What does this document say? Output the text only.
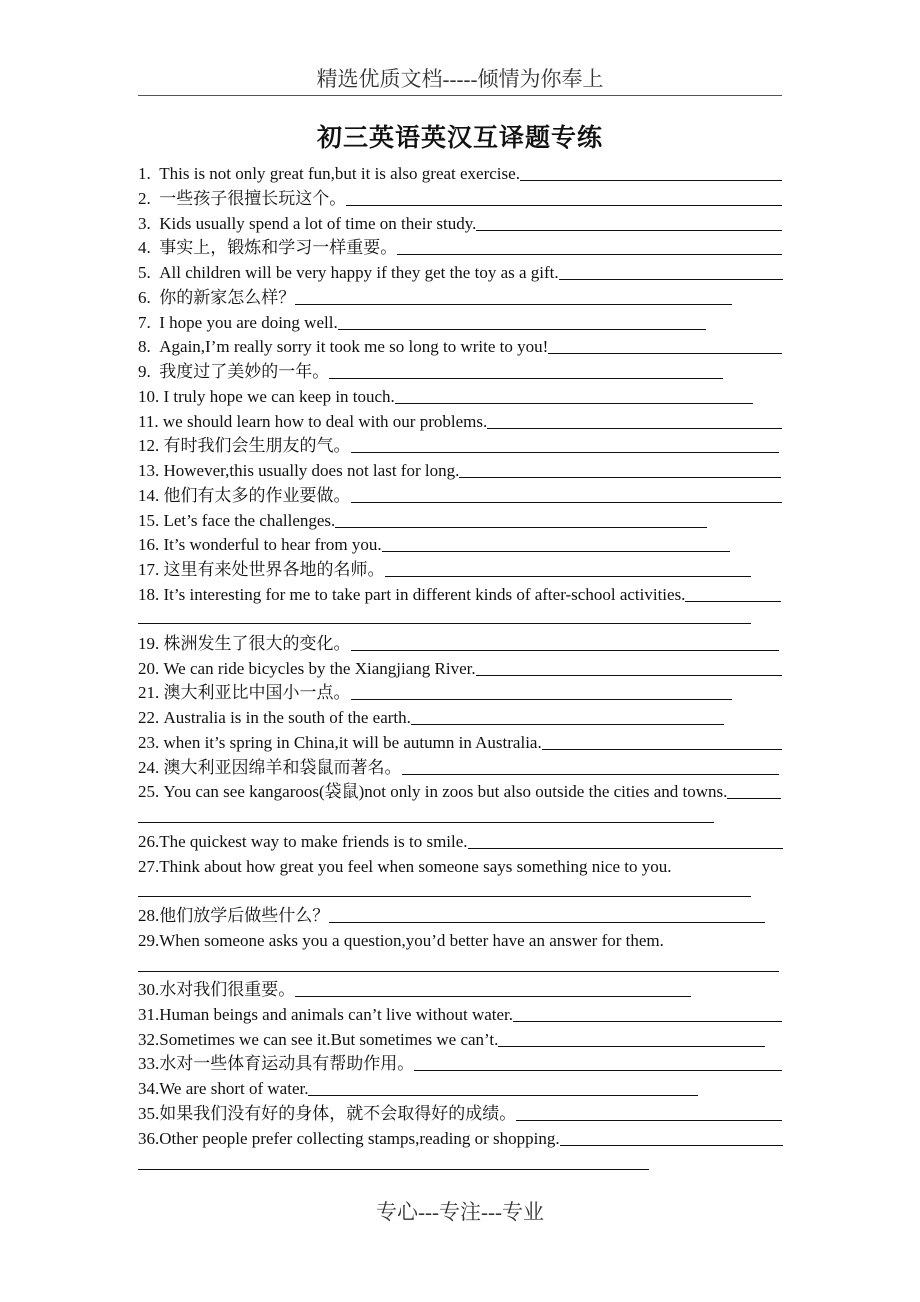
精选优质文档-----倾情为你奉上
初三英语英汉互译题专练
1. This is not only great fun,but it is also great exercise.
2. 一些孩子很擅长玩这个。
3. Kids usually spend a lot of time on their study.
4. 事实上，锻炼和学习一样重要。
5. All children will be very happy if they get the toy as a gift.
6. 你的新家怎么样？
7. I hope you are doing well.
8. Again,I’m really sorry it took me so long to write to you!
9. 我度过了美妙的一年。
10. I truly hope we can keep in touch.
11. we should learn how to deal with our problems.
12. 有时我们会生朋友的气。
13. However,this usually does not last for long.
14. 他们有太多的作业要做。
15. Let’s face the challenges.
16. It’s wonderful to hear from you.
17. 这里有来处世界各地的名师。
18. It’s interesting for me to take part in different kinds of after-school activities.
19. 株洲发生了很大的变化。
20. We can ride bicycles by the Xiangjiang River.
21. 澳大利亚比中国小一点。
22. Australia is in the south of the earth.
23. when it’s spring in China,it will be autumn in Australia.
24. 澳大利亚因绵羊和袋鼠而著名。
25. You can see kangaroos(袋鼠)not only in zoos but also outside the cities and towns.
26. The quickest way to make friends is to smile.
27. Think about how great you feel when someone says something nice to you.
28. 他们放学后做些什么？
29. When someone asks you a question,you’d better have an answer for them.
30. 水对我们很重要。
31. Human beings and animals can’t live without water.
32. Sometimes we can see it.But sometimes we can’t.
33. 水对一些体育运动具有帮助作用。
34. We are short of water.
35. 如果我们没有好的身体，就不会取得好的成绩。
36. Other people prefer collecting stamps,reading or shopping.
专心---专注---专业
